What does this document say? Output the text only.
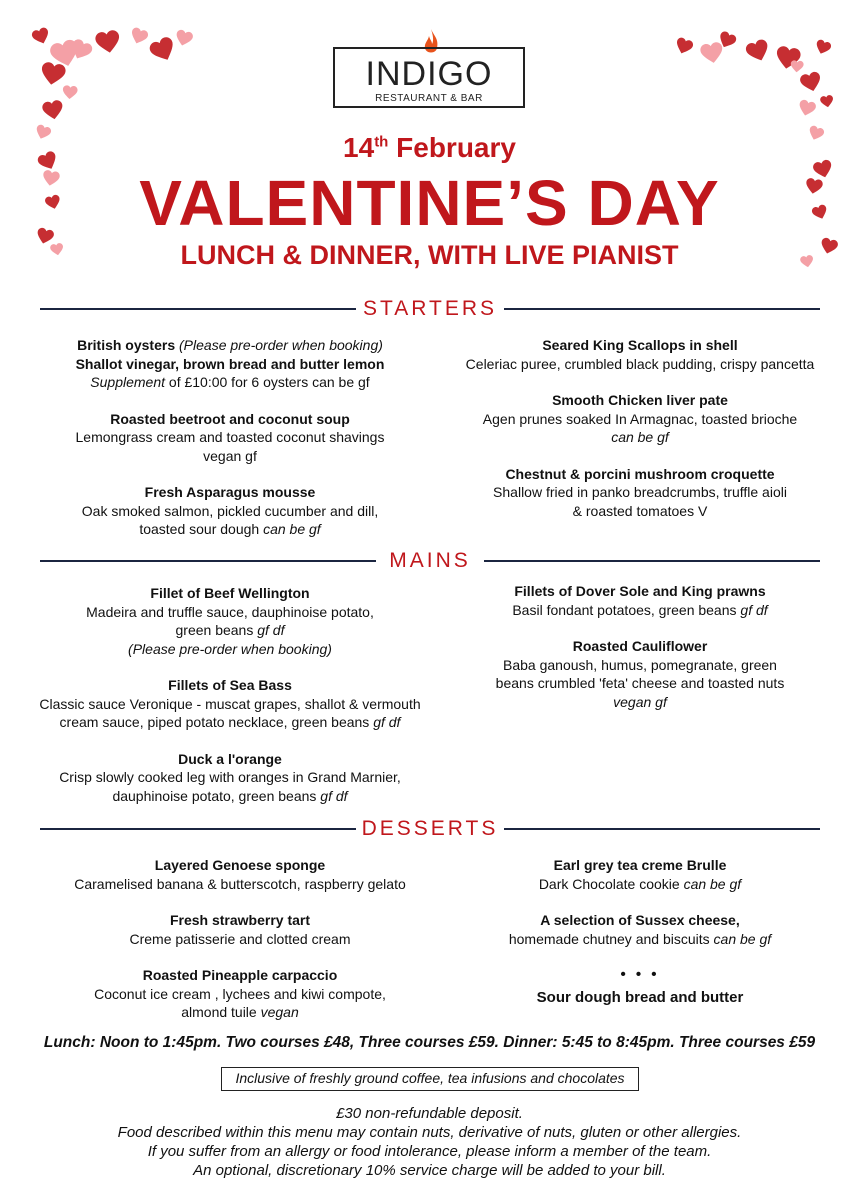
INDIGO
RESTAURANT & BAR
14th February
VALENTINE’S DAY
LUNCH & DINNER, WITH LIVE PIANIST
STARTERS
British oysters (Please pre-order when booking)
Shallot vinegar, brown bread and butter lemon
Supplement of £10:00 for 6 oysters can be gf
Roasted beetroot and coconut soup
Lemongrass cream and toasted coconut shavings
vegan gf
Fresh Asparagus mousse
Oak smoked salmon, pickled cucumber and dill,
toasted sour dough can be gf
Seared King Scallops in shell
Celeriac puree, crumbled black pudding, crispy pancetta
Smooth Chicken liver pate
Agen prunes soaked In Armagnac, toasted brioche
can be gf
Chestnut & porcini mushroom croquette
Shallow fried in panko breadcrumbs, truffle aioli
& roasted tomatoes V
MAINS
Fillet of Beef Wellington
Madeira and truffle sauce, dauphinoise potato,
green beans gf df
(Please pre-order when booking)
Fillets of Sea Bass
Classic sauce Veronique - muscat grapes, shallot & vermouth
cream sauce, piped potato necklace, green beans gf df
Duck a l'orange
Crisp slowly cooked leg with oranges in Grand Marnier,
dauphinoise potato, green beans gf df
Fillets of Dover Sole and King prawns
Basil fondant potatoes, green beans gf df
Roasted Cauliflower
Baba ganoush, humus, pomegranate, green
beans crumbled 'feta' cheese and toasted nuts
vegan gf
DESSERTS
Layered Genoese sponge
Caramelised banana & butterscotch, raspberry gelato
Fresh strawberry tart
Creme patisserie and clotted cream
Roasted Pineapple carpaccio
Coconut ice cream , lychees and kiwi compote,
almond tuile vegan
Earl grey tea creme Brulle
Dark Chocolate cookie can be gf
A selection of Sussex cheese,
homemade chutney and biscuits can be gf
• • •
Sour dough bread and butter
Lunch: Noon to 1:45pm. Two courses £48, Three courses £59. Dinner: 5:45 to 8:45pm. Three courses £59
Inclusive of freshly ground coffee, tea infusions and chocolates
£30 non-refundable deposit.
Food described within this menu may contain nuts, derivative of nuts, gluten or other allergies.
If you suffer from an allergy or food intolerance, please inform a member of the team.
An optional, discretionary 10% service charge will be added to your bill.
